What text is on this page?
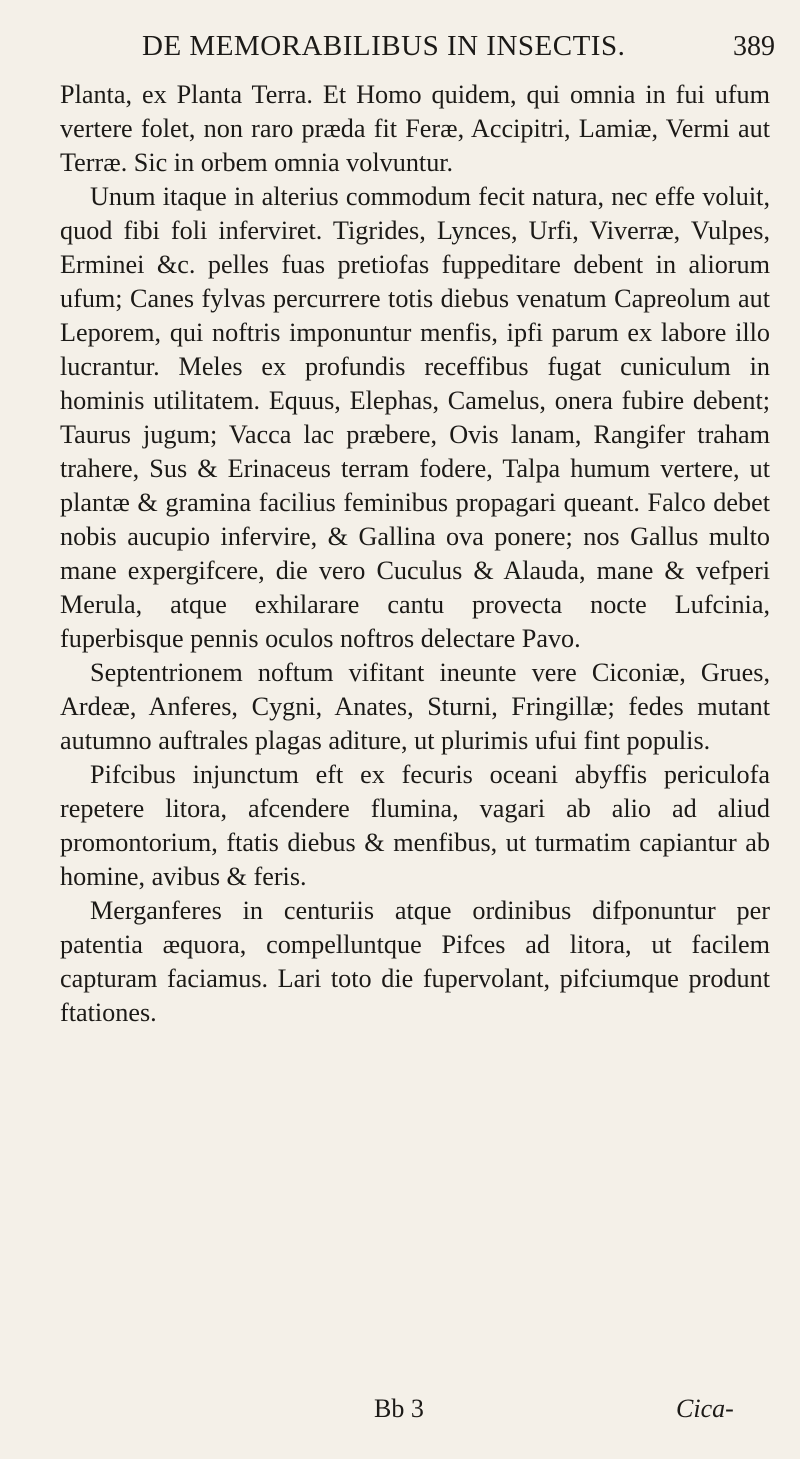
DE MEMORABILIBUS IN INSECTIS.	389

Planta, ex Planta Terra. Et Homo quidem, qui omnia in fui ufum vertere folet, non raro præda fit Feræ, Accipitri, Lamiæ, Vermi aut Terræ. Sic in orbem omnia volvuntur.

Unum itaque in alterius commodum fecit natura, nec effe voluit, quod fibi foli inferviret. Tigrides, Lynces, Urfi, Viverræ, Vulpes, Erminei &c. pelles fuas pretiofas fuppeditare debent in aliorum ufum; Canes fylvas percurrere totis diebus venatum Capreolum aut Leporem, qui noftris imponuntur menfis, ipfi parum ex labore illo lucrantur. Meles ex profundis receffibus fugat cuniculum in hominis utilitatem. Equus, Elephas, Camelus, onera fubire debent; Taurus jugum; Vacca lac præbere, Ovis lanam, Rangifer traham trahere, Sus & Erinaceus terram fodere, Talpa humum vertere, ut plantæ & gramina facilius feminibus propagari queant. Falco debet nobis aucupio infervire, & Gallina ova ponere; nos Gallus multo mane expergifcere, die vero Cuculus & Alauda, mane & vefperi Merula, atque exhilarare cantu provecta nocte Lufcinia, fuperbisque pennis oculos noftros delectare Pavo.

Septentrionem noftum vifitant ineunte vere Ciconiæ, Grues, Ardeæ, Anferes, Cygni, Anates, Sturni, Fringillæ; fedes mutant autumno auftrales plagas aditure, ut plurimis ufui fint populis.

Pifcibus injunctum eft ex fecuris oceani abyffis periculofa repetere litora, afcendere flumina, vagari ab alio ad aliud promontorium, ftatis diebus & menfibus, ut turmatim capiantur ab homine, avibus & feris.

Merganferes in centuriis atque ordinibus difponuntur per patentia æquora, compelluntque Pifces ad litora, ut facilem capturam faciamus. Lari toto die fupervolant, pifciumque produnt ftationes.

Bb 3	Cica-
